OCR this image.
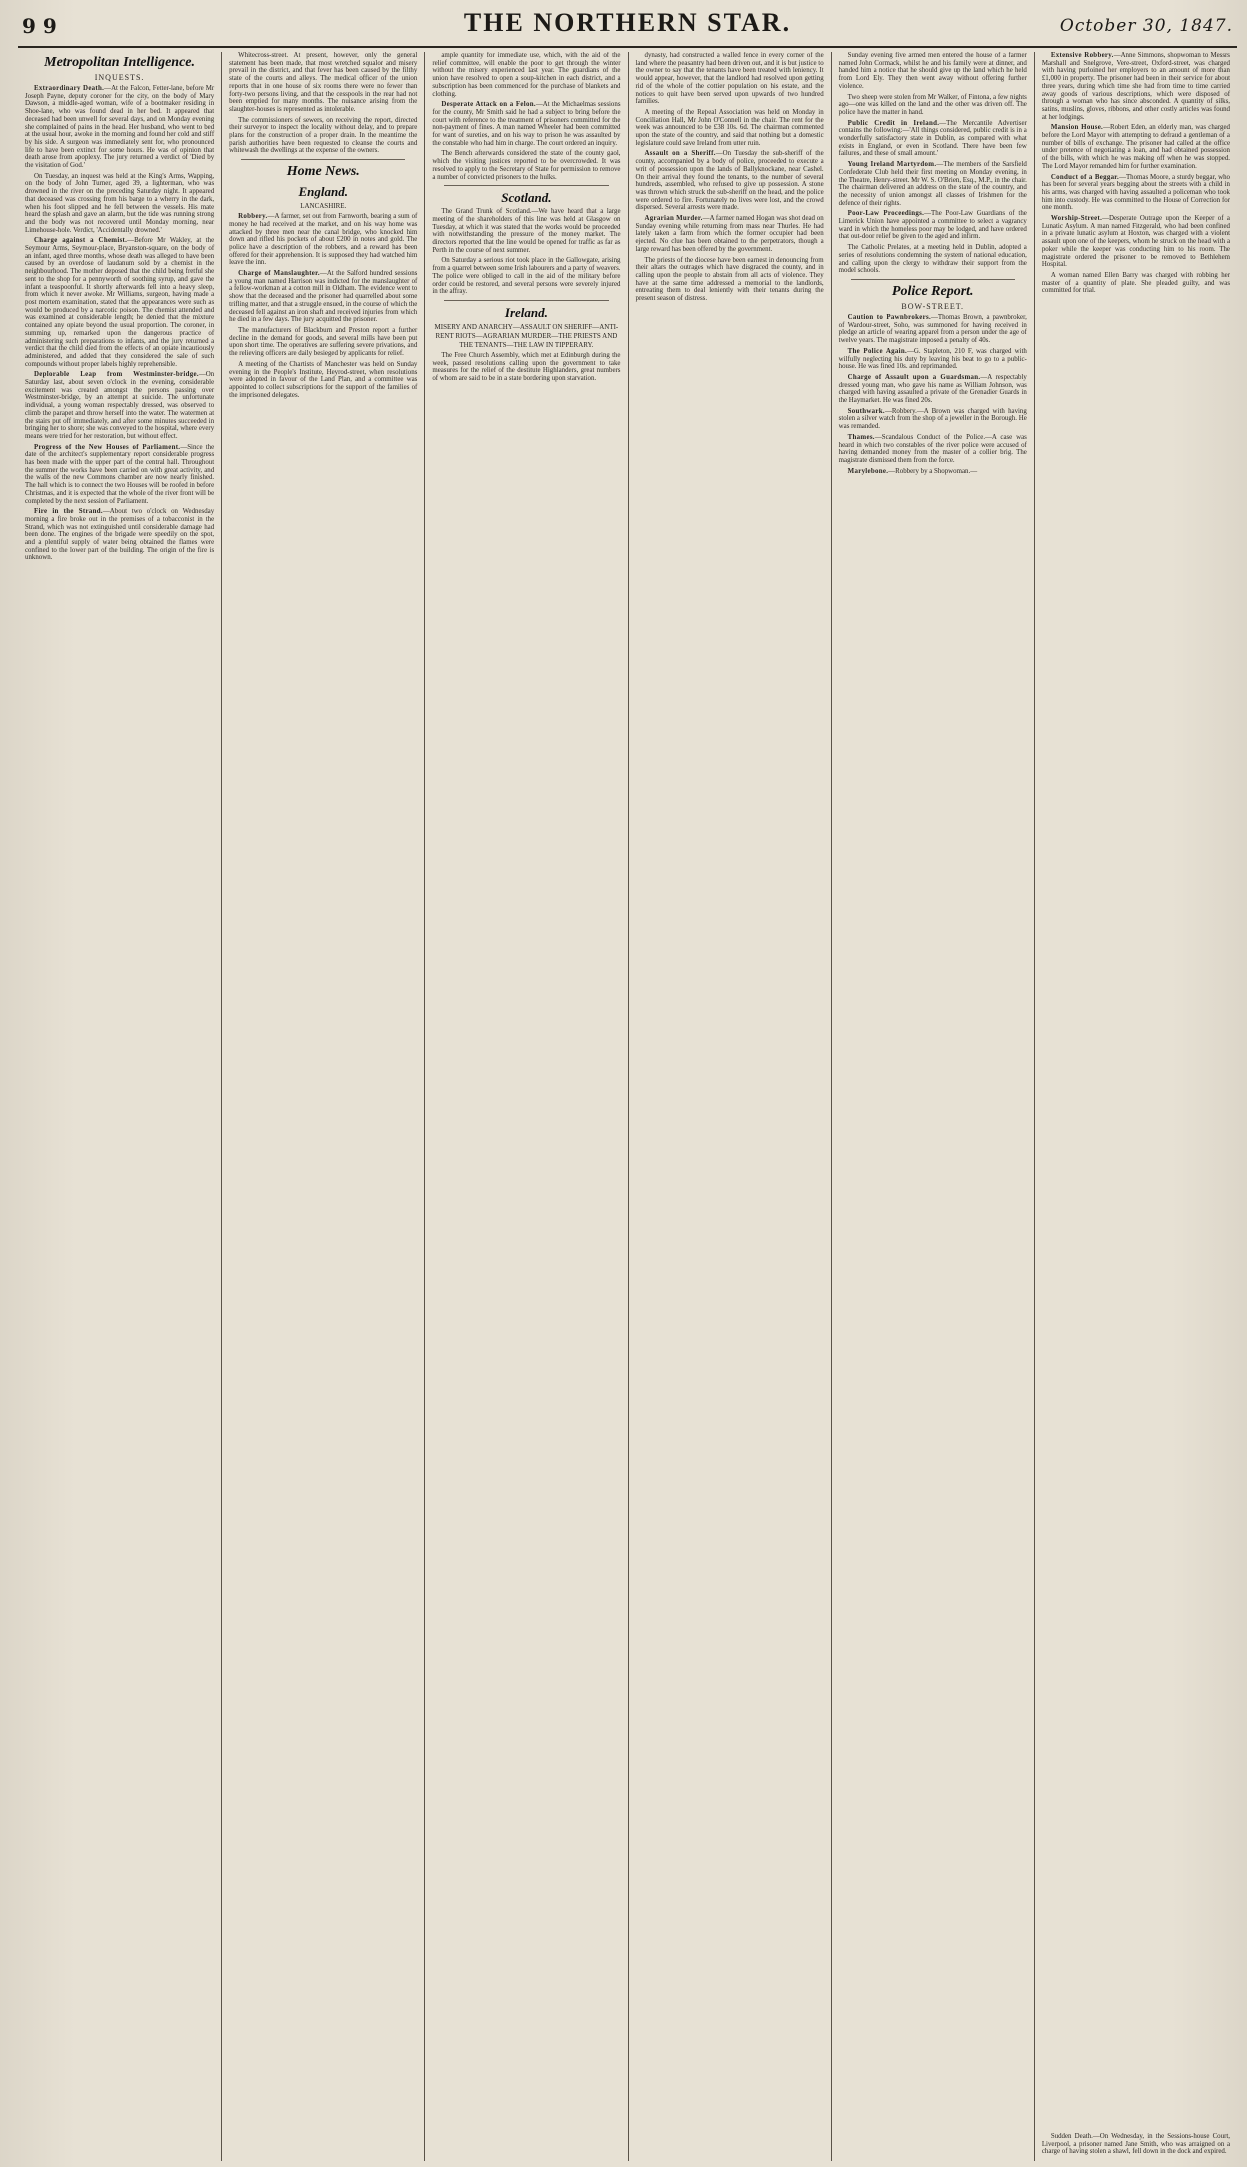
9 9	THE NORTHERN STAR.	October 30, 1847.
Metropolitan Intelligence.
INQUESTS.

Extraordinary Death.—At the Falcon, Fetter-lane, before Mr Joseph Payne, deputy coroner for the city, on the body of Mary Dawson, a middle-aged woman, wife of a bootmaker residing in Shoe-lane, who was found dead in her bed. It appeared that deceased had been unwell for several days, and on Monday evening she complained of pains in the head. Her husband, who went to bed at the usual hour, awoke in the morning and found her cold and stiff by his side. A surgeon was immediately sent for, who pronounced life to have been extinct for some hours. He was of opinion that death arose from apoplexy. The jury returned a verdict of 'Died by the visitation of God.'

On Tuesday, an inquest was held at the King's Arms, Wapping, on the body of John Turner, aged 39, a lighterman, who was drowned in the river on the preceding Saturday night. It appeared that deceased was crossing from his barge to a wherry in the dark, when his foot slipped and he fell between the vessels. His mate heard the splash and gave an alarm, but the tide was running strong and the body was not recovered until Monday morning, near Limehouse-hole. Verdict, 'Accidentally drowned.'

Charge against a Chemist.—Before Mr Wakley, at the Seymour Arms, Seymour-place, Bryanston-square, on the body of an infant, aged three months, whose death was alleged to have been caused by an overdose of laudanum sold by a chemist in the neighbourhood. The mother deposed that the child being fretful she sent to the shop for a pennyworth of soothing syrup, and gave the infant a teaspoonful. It shortly afterwards fell into a heavy sleep, from which it never awoke. Mr Williams, surgeon, having made a post mortem examination, stated that the appearances were such as would be produced by a narcotic poison. The chemist attended and was examined at considerable length; he denied that the mixture contained any opiate beyond the usual proportion. The coroner, in summing up, remarked upon the dangerous practice of administering such preparations to infants, and the jury returned a verdict that the child died from the effects of an opiate incautiously administered, and added that they considered the sale of such compounds without proper labels highly reprehensible.

Deplorable Leap from Westminster-bridge.—On Saturday last, about seven o'clock in the evening, considerable excitement was created amongst the persons passing over Westminster-bridge, by an attempt at suicide. The unfortunate individual, a young woman respectably dressed, was observed to climb the parapet and throw herself into the water. The watermen at the stairs put off immediately, and after some minutes succeeded in bringing her to shore; she was conveyed to the hospital, where every means were tried for her restoration, but without effect.

Progress of the New Houses of Parliament.—Since the date of the architect's supplementary report considerable progress has been made with the upper part of the central hall. Throughout the summer the works have been carried on with great activity, and the walls of the new Commons chamber are now nearly finished. The hall which is to connect the two Houses will be roofed in before Christmas, and it is expected that the whole of the river front will be completed by the next session of Parliament.

Fire in the Strand.—About two o'clock on Wednesday morning a fire broke out in the premises of a tobacconist in the Strand, which was not extinguished until considerable damage had been done. The engines of the brigade were speedily on the spot, and a plentiful supply of water being obtained the flames were confined to the lower part of the building. The origin of the fire is unknown.

Whitecross-street. At present, however, only the general statement has been made, that most wretched squalor and misery prevail in the district, and that fever has been caused by the filthy state of the courts and alleys. The medical officer of the union reports that in one house of six rooms there were no fewer than forty-two persons living, and that the cesspools in the rear had not been emptied for many months. The nuisance arising from the slaughter-houses is represented as intolerable.

The commissioners of sewers, on receiving the report, directed their surveyor to inspect the locality without delay, and to prepare plans for the construction of a proper drain. In the meantime the parish authorities have been requested to cleanse the courts and whitewash the dwellings at the expense of the owners.

Home News.
England.
LANCASHIRE.

Robbery.—A farmer, set out from Farnworth, bearing a sum of money he had received at the market, and on his way home was attacked by three men near the canal bridge, who knocked him down and rifled his pockets of about £200 in notes and gold. The police have a description of the robbers, and a reward has been offered for their apprehension. It is supposed they had watched him leave the inn.

Charge of Manslaughter.—At the Salford hundred sessions a young man named Harrison was indicted for the manslaughter of a fellow-workman at a cotton mill in Oldham. The evidence went to show that the deceased and the prisoner had quarrelled about some trifling matter, and that a struggle ensued, in the course of which the deceased fell against an iron shaft and received injuries from which he died in a few days. The jury acquitted the prisoner.

The manufacturers of Blackburn and Preston report a further decline in the demand for goods, and several mills have been put upon short time. The operatives are suffering severe privations, and the relieving officers are daily besieged by applicants for relief.

A meeting of the Chartists of Manchester was held on Sunday evening in the People's Institute, Heyrod-street, when resolutions were adopted in favour of the Land Plan, and a committee was appointed to collect subscriptions for the support of the families of the imprisoned delegates.

ample quantity for immediate use, which, with the aid of the relief committee, will enable the poor to get through the winter without the misery experienced last year. The guardians of the union have resolved to open a soup-kitchen in each district, and a subscription has been commenced for the purchase of blankets and clothing.

Desperate Attack on a Felon.—At the Michaelmas sessions for the county, Mr Smith said he had a subject to bring before the court with reference to the treatment of prisoners committed for the non-payment of fines. A man named Wheeler had been committed for want of sureties, and on his way to prison he was assaulted by the constable who had him in charge. The court ordered an inquiry.

The Bench afterwards considered the state of the county gaol, which the visiting justices reported to be overcrowded. It was resolved to apply to the Secretary of State for permission to remove a number of convicted prisoners to the hulks.

Scotland.

The Grand Trunk of Scotland.—We have heard that a large meeting of the shareholders of this line was held at Glasgow on Tuesday, at which it was stated that the works would be proceeded with notwithstanding the pressure of the money market. The directors reported that the line would be opened for traffic as far as Perth in the course of next summer.

On Saturday a serious riot took place in the Gallowgate, arising from a quarrel between some Irish labourers and a party of weavers. The police were obliged to call in the aid of the military before order could be restored, and several persons were severely injured in the affray.

Ireland.
MISERY AND ANARCHY—ASSAULT ON SHERIFF—ANTI-RENT RIOTS—AGRARIAN MURDER—THE PRIESTS AND THE TENANTS—THE LAW IN TIPPERARY.

The Free Church Assembly, which met at Edinburgh during the week, passed resolutions calling upon the government to take measures for the relief of the destitute Highlanders, great numbers of whom are said to be in a state bordering upon starvation.

dynasty, had constructed a walled fence in every corner of the land where the peasantry had been driven out, and it is but justice to the owner to say that the tenants have been treated with leniency. It would appear, however, that the landlord had resolved upon getting rid of the whole of the cottier population on his estate, and the notices to quit have been served upon upwards of two hundred families.

A meeting of the Repeal Association was held on Monday in Conciliation Hall, Mr John O'Connell in the chair. The rent for the week was announced to be £38 10s. 6d. The chairman commented upon the state of the country, and said that nothing but a domestic legislature could save Ireland from utter ruin.

Assault on a Sheriff.—On Tuesday the sub-sheriff of the county, accompanied by a body of police, proceeded to execute a writ of possession upon the lands of Ballyknockane, near Cashel. On their arrival they found the tenants, to the number of several hundreds, assembled, who refused to give up possession. A stone was thrown which struck the sub-sheriff on the head, and the police were ordered to fire. Fortunately no lives were lost, and the crowd dispersed. Several arrests were made.

Agrarian Murder.—A farmer named Hogan was shot dead on Sunday evening while returning from mass near Thurles. He had lately taken a farm from which the former occupier had been ejected. No clue has been obtained to the perpetrators, though a large reward has been offered by the government.

The priests of the diocese have been earnest in denouncing from their altars the outrages which have disgraced the county, and in calling upon the people to abstain from all acts of violence. They have at the same time addressed a memorial to the landlords, entreating them to deal leniently with their tenants during the present season of distress.

Sunday evening five armed men entered the house of a farmer named John Cormack, whilst he and his family were at dinner, and handed him a notice that he should give up the land which he held from Lord Ely. They then went away without offering further violence.

Two sheep were stolen from Mr Walker, of Fintona, a few nights ago—one was killed on the land and the other was driven off. The police have the matter in hand.

Public Credit in Ireland.—The Mercantile Advertiser contains the following:—'All things considered, public credit is in a wonderfully satisfactory state in Dublin, as compared with what exists in England, or even in Scotland. There have been few failures, and these of small amount.'

Young Ireland Martyrdom.—The members of the Sarsfield Confederate Club held their first meeting on Monday evening, in the Theatre, Henry-street. Mr W. S. O'Brien, Esq., M.P., in the chair. The chairman delivered an address on the state of the country, and the necessity of union amongst all classes of Irishmen for the defence of their rights.

Poor-Law Proceedings.—The Poor-Law Guardians of the Limerick Union have appointed a committee to select a vagrancy ward in which the homeless poor may be lodged, and have ordered that out-door relief be given to the aged and infirm.

The Catholic Prelates, at a meeting held in Dublin, adopted a series of resolutions condemning the system of national education, and calling upon the clergy to withdraw their support from the model schools.

Police Report.
BOW-STREET.

Caution to Pawnbrokers.—Thomas Brown, a pawnbroker, of Wardour-street, Soho, was summoned for having received in pledge an article of wearing apparel from a person under the age of twelve years. The magistrate imposed a penalty of 40s.

The Police Again.—G. Stapleton, 210 F, was charged with wilfully neglecting his duty by leaving his beat to go to a public-house. He was fined 10s. and reprimanded.

Charge of Assault upon a Guardsman.—A respectably dressed young man, who gave his name as William Johnson, was charged with having assaulted a private of the Grenadier Guards in the Haymarket. He was fined 20s.

Southwark.—Robbery.—A Brown was charged with having stolen a silver watch from the shop of a jeweller in the Borough. He was remanded.

Thames.—Scandalous Conduct of the Police.—A case was heard in which two constables of the river police were accused of having demanded money from the master of a collier brig. The magistrate dismissed them from the force.

Marylebone.—Robbery by a Shopwoman.—

Extensive Robbery.—Anne Simmons, shopwoman to Messrs Marshall and Snelgrove, Vere-street, Oxford-street, was charged with having purloined her employers to an amount of more than £1,000 in property. The prisoner had been in their service for about three years, during which time she had from time to time carried away goods of various descriptions, which were disposed of through a woman who has since absconded. A quantity of silks, satins, muslins, gloves, ribbons, and other costly articles was found at her lodgings.

Mansion House.—Robert Eden, an elderly man, was charged before the Lord Mayor with attempting to defraud a gentleman of a number of bills of exchange. The prisoner had called at the office under pretence of negotiating a loan, and had obtained possession of the bills, with which he was making off when he was stopped. The Lord Mayor remanded him for further examination.

Conduct of a Beggar.—Thomas Moore, a sturdy beggar, who has been for several years begging about the streets with a child in his arms, was charged with having assaulted a policeman who took him into custody. He was committed to the House of Correction for one month.

Worship-Street.—Desperate Outrage upon the Keeper of a Lunatic Asylum. A man named Fitzgerald, who had been confined in a private lunatic asylum at Hoxton, was charged with a violent assault upon one of the keepers, whom he struck on the head with a poker while the keeper was conducting him to his room. The magistrate ordered the prisoner to be removed to Bethlehem Hospital.

A woman named Ellen Barry was charged with robbing her master of a quantity of plate. She pleaded guilty, and was committed for trial.

Sudden Death.—On Wednesday, in the Sessions-house Court, Liverpool, a prisoner named Jane Smith, who was arraigned on a charge of having stolen a shawl, fell down in the dock and expired.
